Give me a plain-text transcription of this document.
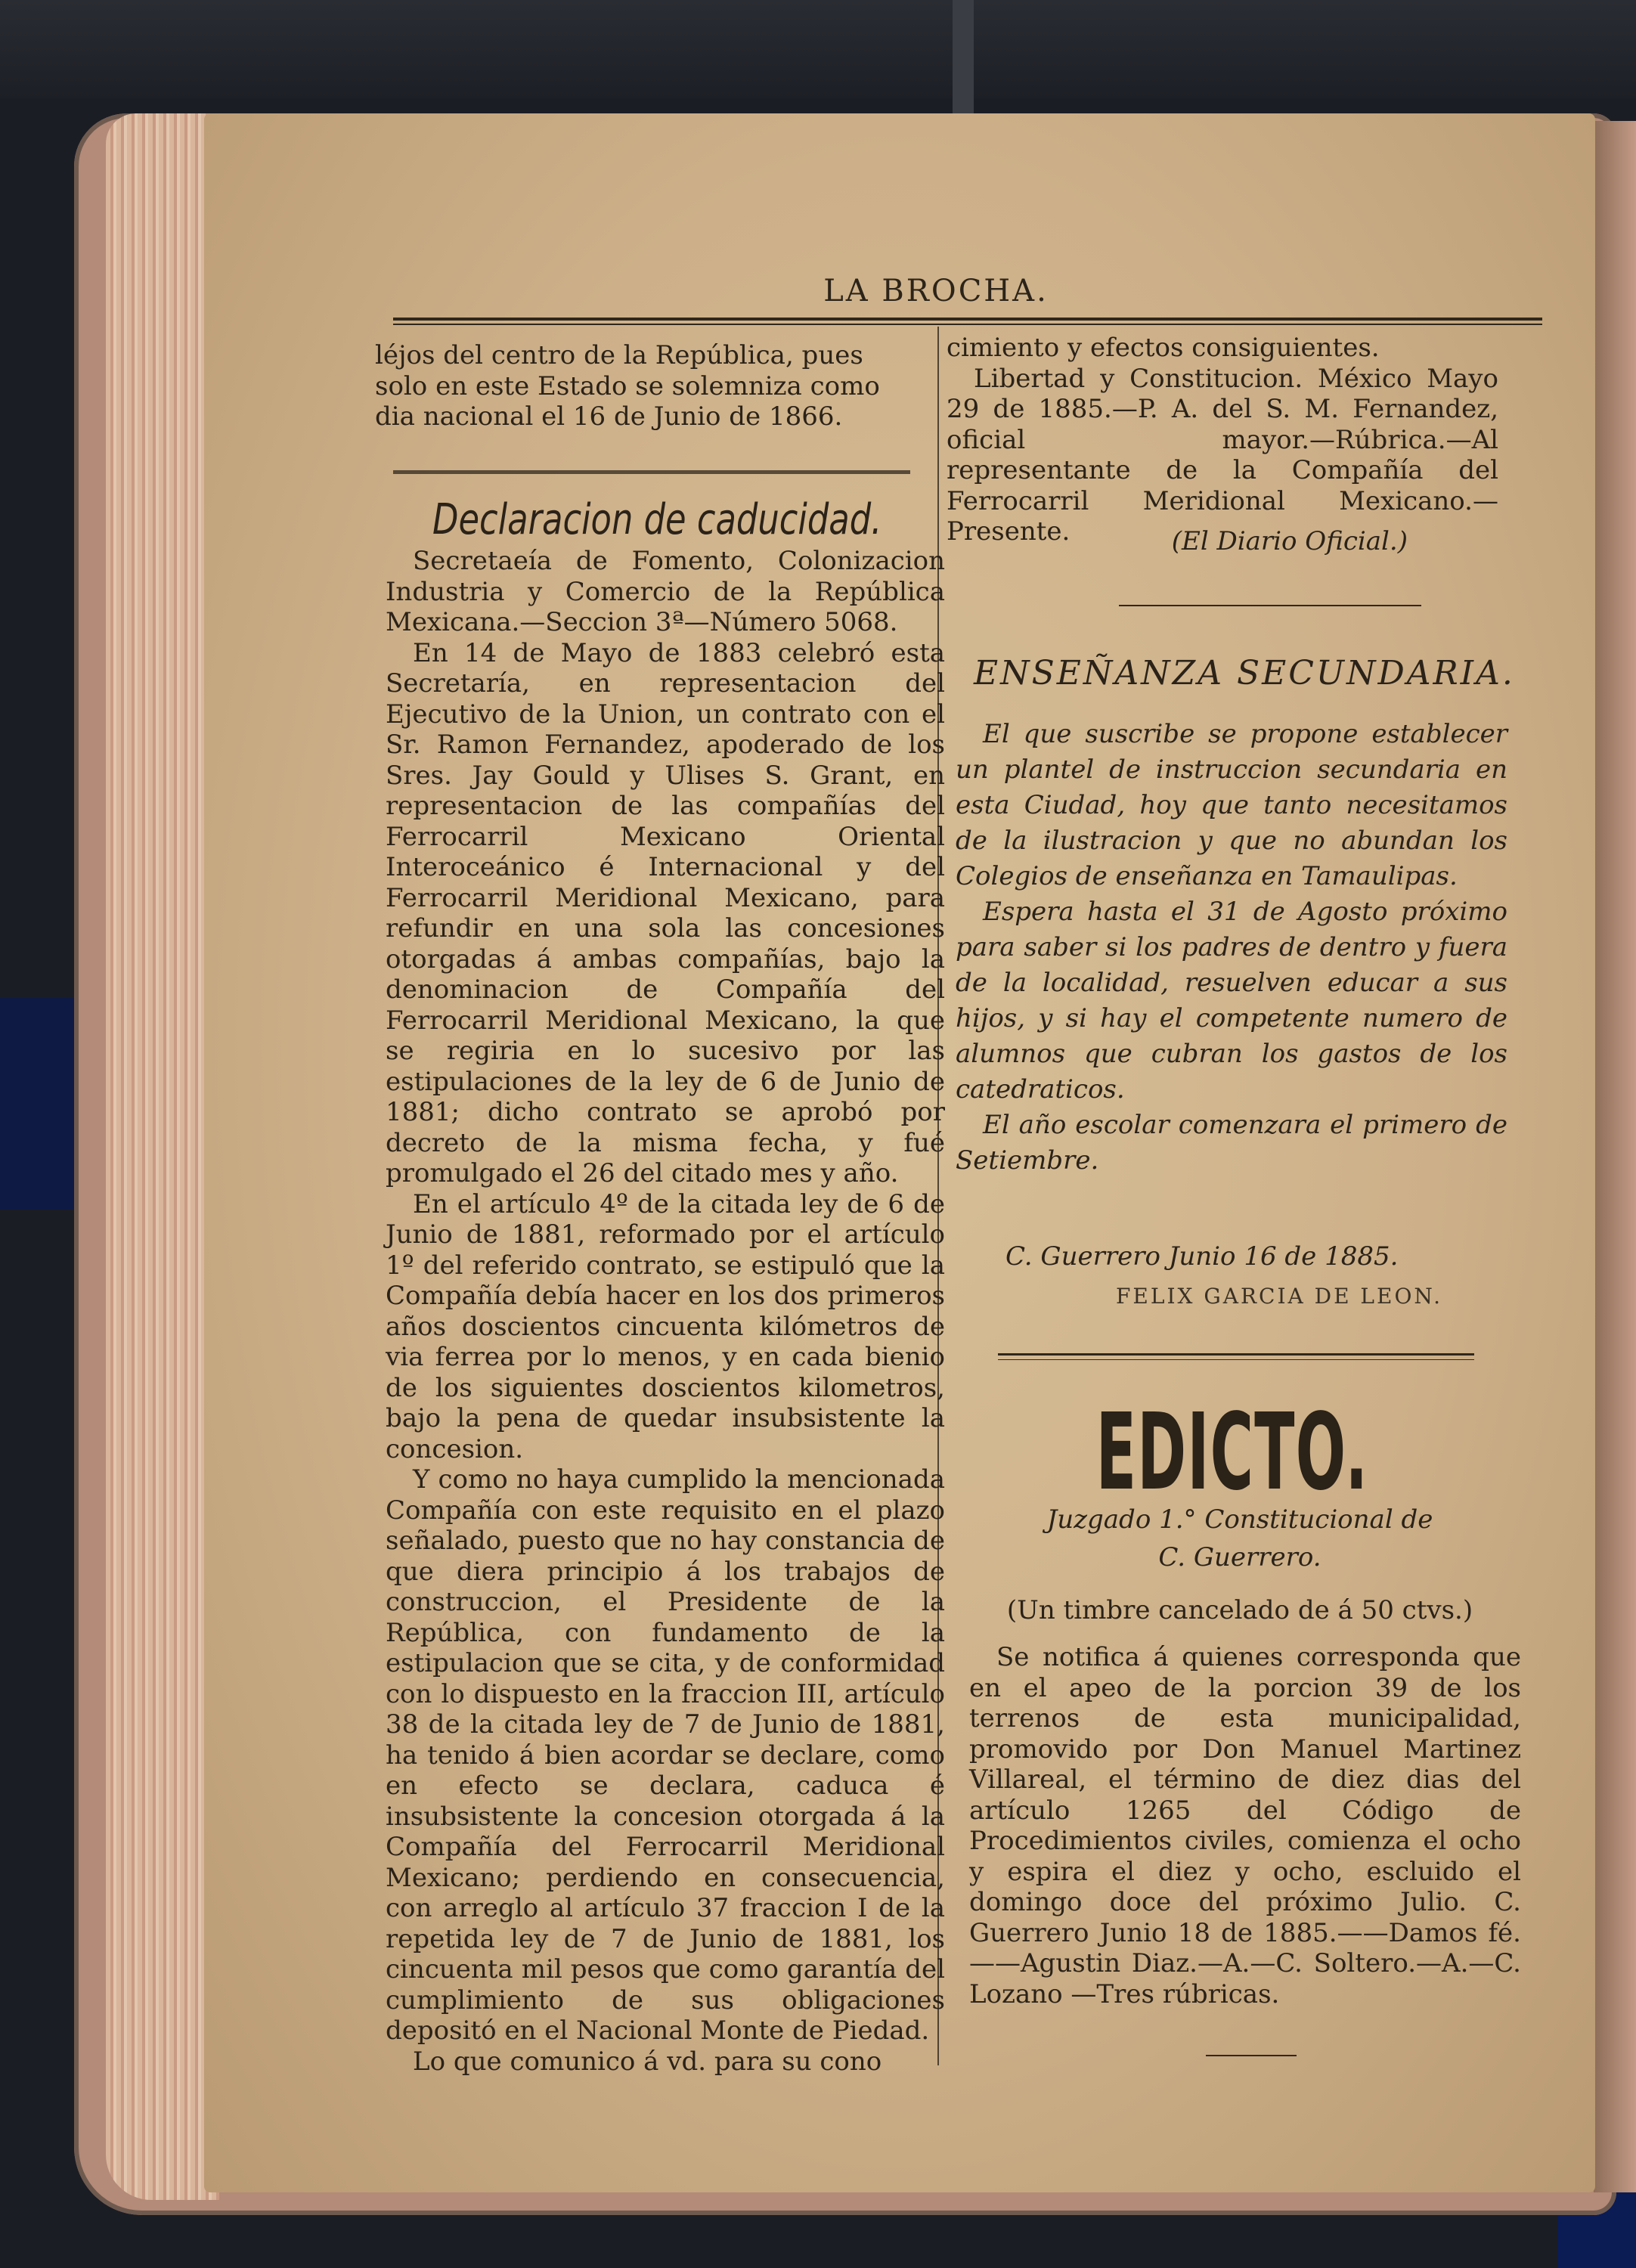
LA BROCHA.

léjos del centro de la República, pues

solo en este Estado se solemniza como

dia nacional el 16 de Junio de 1866.

Declaracion de caducidad.

Secretaeía de Fomento, Colonizacion Industria y Comercio de la República Mexicana.—Seccion 3ª—Número 5068.

En 14 de Mayo de 1883 celebró esta Secretaría, en representacion del Ejecutivo de la Union, un contrato con el Sr. Ramon Fernandez, apoderado de los Sres. Jay Gould y Ulises S. Grant, en representacion de las compañías del Ferrocarril Mexicano Oriental Interoceánico é Internacional y del Ferrocarril Meridional Mexicano, para refundir en una sola las concesiones otorgadas á ambas compañías, bajo la denominacion de Compañía del Ferrocarril Meridional Mexicano, la que se regiria en lo sucesivo por las estipulaciones de la ley de 6 de Junio de 1881; dicho contrato se aprobó por decreto de la misma fecha, y fué promulgado el 26 del citado mes y año.

En el artículo 4º de la citada ley de 6 de Junio de 1881, reformado por el artículo 1º del referido contrato, se estipuló que la Compañía debía hacer en los dos primeros años doscientos cincuenta kilómetros de via ferrea por lo menos, y en cada bienio de los siguientes doscientos kilometros, bajo la pena de quedar insubsistente la concesion.

Y como no haya cumplido la mencionada Compañía con este requisito en el plazo señalado, puesto que no hay constancia de que diera principio á los trabajos de construccion, el Presidente de la República, con fundamento de la estipulacion que se cita, y de conformidad con lo dispuesto en la fraccion III, artículo 38 de la citada ley de 7 de Junio de 1881, ha tenido á bien acordar se declare, como en efecto se declara, caduca é insubsistente la concesion otorgada á la Compañía del Ferrocarril Meridional Mexicano; perdiendo en consecuencia, con arreglo al artículo 37 fraccion I de la repetida ley de 7 de Junio de 1881, los cincuenta mil pesos que como garantía del cumplimiento de sus obligaciones depositó en el Nacional Monte de Piedad.

Lo que comunico á vd. para su cono

cimiento y efectos consiguientes.

Libertad y Constitucion. México Mayo 29 de 1885.—P. A. del S. M. Fernandez, oficial mayor.—Rúbrica.—Al representante de la Compañía del Ferrocarril Meridional Mexicano.—Presente.	(El Diario Oficial.)
ENSEÑANZA SECUNDARIA.

El que suscribe se propone establecer un plantel de instruccion secundaria en esta Ciudad, hoy que tanto necesitamos de la ilustracion y que no abundan los Colegios de enseñanza en Tamaulipas.

Espera hasta el 31 de Agosto próximo para saber si los padres de dentro y fuera de la localidad, resuelven educar a sus hijos, y si hay el competente numero de alumnos que cubran los gastos de los catedraticos.

El año escolar comenzara el primero de Setiembre.

C. Guerrero Junio 16 de 1885.
FELIX GARCIA DE LEON.
EDICTO.
Juzgado 1.° Constitucional de
C. Guerrero.
(Un timbre cancelado de á 50 ctvs.)

Se notifica á quienes corresponda que en el apeo de la porcion 39 de los terrenos de esta municipalidad, promovido por Don Manuel Martinez Villareal, el término de diez dias del artículo 1265 del Código de Procedimientos civiles, comienza el ocho y espira el diez y ocho, escluido el domingo doce del próximo Julio. C. Guerrero Junio 18 de 1885.——Damos fé.——Agustin Diaz.—A.—C. Soltero.—A.—C. Lozano —Tres rúbricas.
